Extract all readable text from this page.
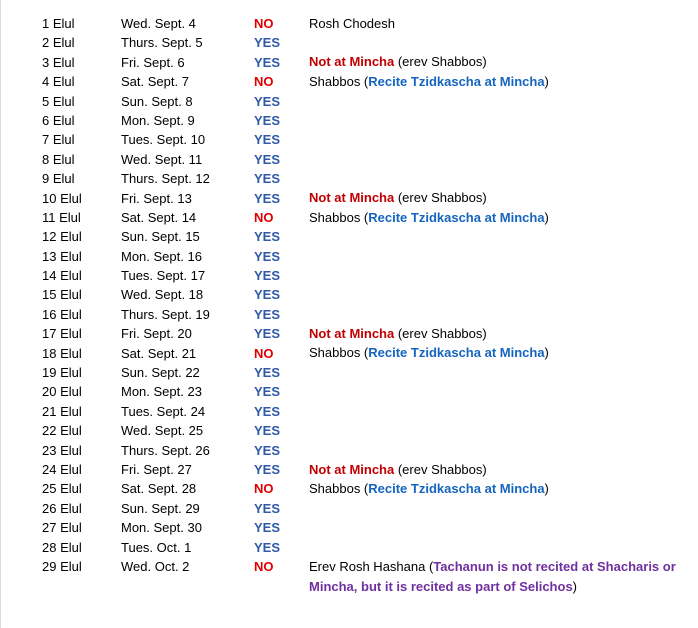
1 Elul	Wed. Sept. 4	NO	Rosh Chodesh
2 Elul	Thurs. Sept. 5	YES
3 Elul	Fri. Sept. 6	YES Not at Mincha (erev Shabbos)
4 Elul	Sat. Sept. 7	NO	Shabbos (Recite Tzidkascha at Mincha)
5 Elul	Sun. Sept. 8	YES
6 Elul	Mon. Sept. 9	YES
7 Elul	Tues. Sept. 10	YES
8 Elul	Wed. Sept. 11	YES
9 Elul	Thurs. Sept. 12	YES
10 Elul	Fri. Sept. 13	YES Not at Mincha (erev Shabbos)
11 Elul	Sat. Sept. 14	NO	Shabbos (Recite Tzidkascha at Mincha)
12 Elul	Sun. Sept. 15	YES
13 Elul	Mon. Sept. 16	YES
14 Elul	Tues. Sept. 17	YES
15 Elul	Wed. Sept. 18	YES
16 Elul	Thurs. Sept. 19	YES
17 Elul	Fri. Sept. 20	YES Not at Mincha (erev Shabbos)
18 Elul	Sat. Sept. 21	NO	Shabbos (Recite Tzidkascha at Mincha)
19 Elul	Sun. Sept. 22	YES
20 Elul	Mon. Sept. 23	YES
21 Elul	Tues. Sept. 24	YES
22 Elul	Wed. Sept. 25	YES
23 Elul	Thurs. Sept. 26	YES
24 Elul	Fri. Sept. 27	YES Not at Mincha (erev Shabbos)
25 Elul	Sat. Sept. 28	NO	Shabbos (Recite Tzidkascha at Mincha)
26 Elul	Sun. Sept. 29	YES
27 Elul	Mon. Sept. 30	YES
28 Elul	Tues. Oct. 1	YES
29 Elul	Wed. Oct. 2	NO	Erev Rosh Hashana (Tachanun is not recited at Shacharis or Mincha, but it is recited as part of Selichos)
